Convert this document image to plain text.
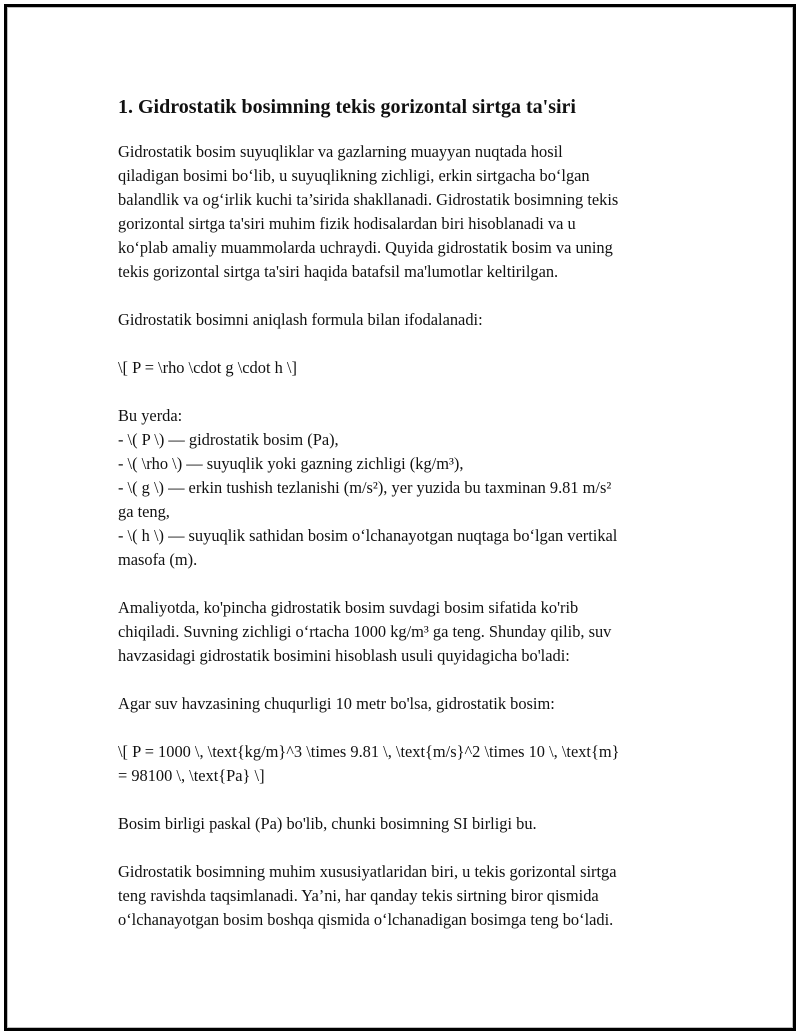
1. Gidrostatik bosimning tekis gorizontal sirtga ta'siri

Gidrostatik bosim suyuqliklar va gazlarning muayyan nuqtada hosil
qiladigan bosimi bo‘lib, u suyuqlikning zichligi, erkin sirtgacha bo‘lgan
balandlik va og‘irlik kuchi ta’sirida shakllanadi. Gidrostatik bosimning tekis
gorizontal sirtga ta'siri muhim fizik hodisalardan biri hisoblanadi va u
ko‘plab amaliy muammolarda uchraydi. Quyida gidrostatik bosim va uning
tekis gorizontal sirtga ta'siri haqida batafsil ma'lumotlar keltirilgan.

Gidrostatik bosimni aniqlash formula bilan ifodalanadi:

\[ P = \rho \cdot g \cdot h \]

Bu yerda:
- \( P \) — gidrostatik bosim (Pa),
- \( \rho \) — suyuqlik yoki gazning zichligi (kg/m³),
- \( g \) — erkin tushish tezlanishi (m/s²), yer yuzida bu taxminan 9.81 m/s²
ga teng,
- \( h \) — suyuqlik sathidan bosim o‘lchanayotgan nuqtaga bo‘lgan vertikal
masofa (m).

Amaliyotda, ko'pincha gidrostatik bosim suvdagi bosim sifatida ko'rib
chiqiladi. Suvning zichligi o‘rtacha 1000 kg/m³ ga teng. Shunday qilib, suv
havzasidagi gidrostatik bosimini hisoblash usuli quyidagicha bo'ladi:

Agar suv havzasining chuqurligi 10 metr bo'lsa, gidrostatik bosim:

\[ P = 1000 \, \text{kg/m}^3 \times 9.81 \, \text{m/s}^2 \times 10 \, \text{m}
= 98100 \, \text{Pa} \]

Bosim birligi paskal (Pa) bo'lib, chunki bosimning SI birligi bu.

Gidrostatik bosimning muhim xususiyatlaridan biri, u tekis gorizontal sirtga
teng ravishda taqsimlanadi. Ya’ni, har qanday tekis sirtning biror qismida
o‘lchanayotgan bosim boshqa qismida o‘lchanadigan bosimga teng bo‘ladi.
